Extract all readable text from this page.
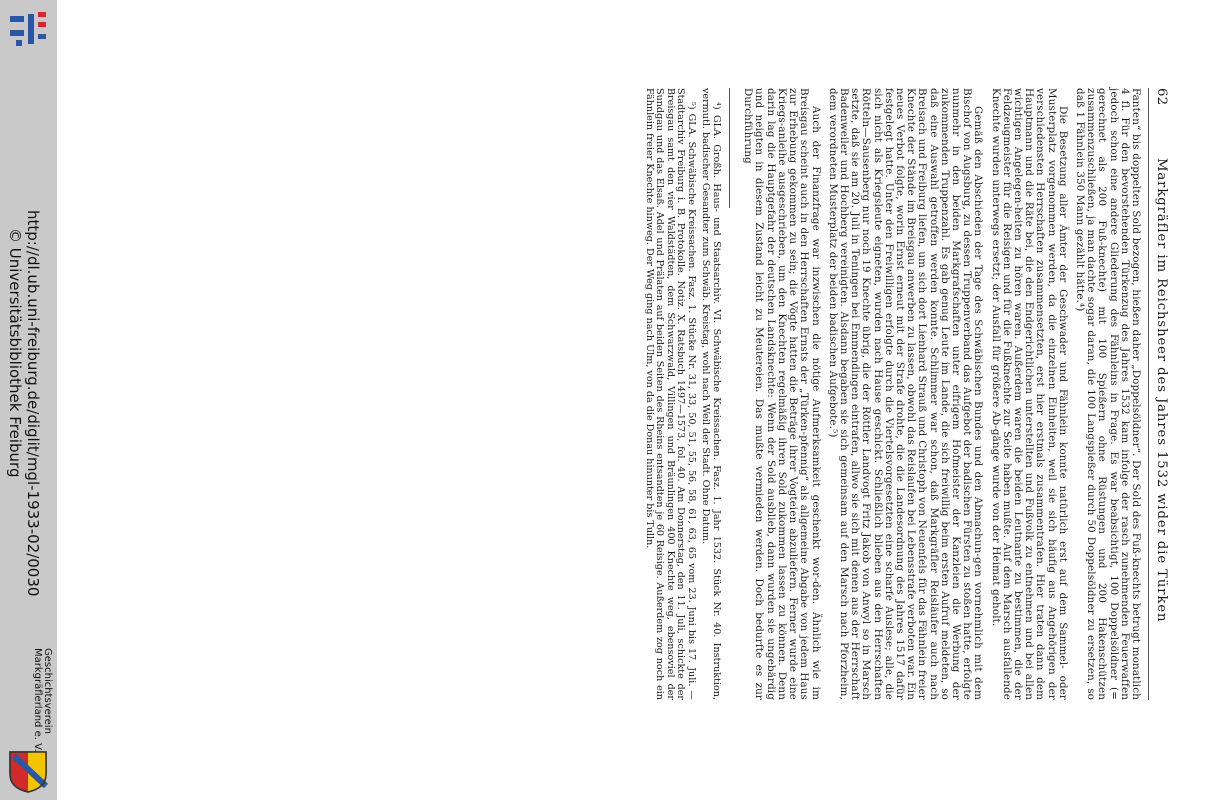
http://dl.ub.uni-freiburg.de/diglit/mgl-1933-02/0030
© Universitätsbibliothek Freiburg
Geschichtsverein
Markgräflerland e. V.
62
Markgräfler im Reichsheer des Jahres 1532 wider die Türken

Fanten“ bis doppelten Sold bezogen, hießen daher „Doppelsöldner“. Der Sold des Fuß-knechts betrugt monatlich 4 fl. Für den bevorstehenden Türkenzug des Jahres 1532 kam infolge der rasch zunehmenden Feuerwaffen jedoch schon eine andere Gliederung des Fähnleins in Frage. Es war beabsichtigt, 100 Doppelsöldner (= gerechnet als 200 Fuß-knechte) mit 100 Spießern ohne Rüstungen und 200 Hakenschützen zusammenzuschließen, ja man dachte sogar daran, die 100 Langspießer durch 50 Doppelsöldner zu ersetzen, so daß 1 Fähnlein 350 Mann gezählt hätte.⁴)

Die Besetzung aller Ämter der Geschwader und Fähnlein konnte natürlich erst auf dem Sammel- oder Musterplatz vorgenommen werden, da die einzelnen Einheiten, weil sie sich häufig aus Angehörigen der verschiedensten Herrschaften zusammensetzten, erst hier erstmals zusammentrafen. Hier traten dann dem Hauptmann und die Räte bei, die den Endgerichtlichen unterstellten und Fußvolk zu entnehmen und bei allen wichtigen Angelegen-heiten zu hören waren. Außerdem waren die beiden Leutnante zu bestimmen, die der Feldzeugmeister für die Reisigen und für die Fußknechte zur Seite haben mußte. Auf dem Marsch ausfallende Knechte wurden unterwegs ersetzt; der Ausfall für größere Ab-gänge wurde von der Heimat geholt.

Gemäß den Abschieden der Tage des Schwäbischen Bundes und den Abmachun-gen vornehmlich mit dem Bischof von Augsburg, zu dessen Truppenverband das Aufgebot der badischen Fürsten zu stoßen hatte, erfolgte nunmehr in den beiden Markgrafschaften unter eifrigem Hofmeister der Kanzleien die Werbung der zukommenden Truppenzahl. Es gab genug Leute im Lande, die sich freiwillig beim ersten Aufruf meldeten, so daß eine Auswahl getroffen werden konnte. Schlimmer war schon, daß Markgräfler Reisläufer auch nach Breisach und Freiburg liefen, um sich dort Lienhard Strauß und Christoph von Neuenfels für das Fähnlein freier Knechte der Stände im Breisgau anwerben zu lassen, obwohl das Reislaufen bei Lebensstrafe verboten war. Ein neues Verbot folgte, worin Ernst erneut mit der Strafe drohte, die die Landesordnung des Jahres 1517 dafür festgelegt hatte. Unter den Freiwilligen erfolgte durch die Viertelsvorgesetzten eine scharfe Auslese; alle, die sich nicht als Kriegsleute eigneten, wurden nach Hause geschickt. Schließlich blieben aus den Herrschaften Rötteln—Sausenberg nur noch 19 Knechte übrig, die der Röttler Landvogt Fritz Jakob von Anwyl so in Marsch setzte, daß sie am 20. Juli in Teningen bei Emmendingen eintrafen, allwo sie sich mit denen aus der Herrschaft Badenweiler und Hochberg vereinigten. Alsdann begaben sie sich gemeinsam auf den Marsch nach Pforzheim, dem verordneten Musterplatz der beiden badischen Aufgebote.⁵)

Auch der Finanzfrage war inzwischen die nötige Aufmerksamkeit geschenkt wor-den. Ähnlich wie im Breisgau scheint auch in den Herrschaften Ernsts der „Türken-pfennig“ als allgemeine Abgabe von jedem Haus zur Erhebung gekommen zu sein; die Vögte hatten die Beträge ihrer Vogteien abzuliefern. Ferner wurde eine Kriegs-anleihe ausgeschrieben, um den Knechten regelmäßig ihren Sold zukommen lassen zu können. Denn darin lag die Hauptgefahr der deutschen Landsknechte: Wenn der Sold ausblieb, dann wurden sie ungebärdig und neigten in diesem Zustand leicht zu Meutereien. Das mußte vermieden werden. Doch bedurfte es zur Durchführung

⁴) GLA. Großh. Haus- und Staatsarchiv. VI. Schwäbische Kreissachen. Fasz. 1. Jahr 1532. Stück Nr. 40. Instruktion, vermutl. badischer Gesandter zum Schwäb. Kreistag, wohl nach Weil der Stadt. Ohne Datum.

⁵) GLA. Schwäbische Kreissachen. Fasz. 1. Stücke Nr. 31, 33, 50, 51, 55, 56, 58, 61, 63, 65 vom 23. Juni bis 17. Juli. — Stadtarchiv Freiburg i. B. Protokolle. Notiz. X. Ratsbuch 1497—1573, fol. 40. Am Donnerstag, den 11. Juli, schickte der Breisgau samt den vier Waldstädten, dem Schwarzwald, Villingen und Bräunlingen 400 Knechte weg, ebensoviel der Sundgau und das Elsaß. Adel und Prälaten auf beiden Seiten des Rheins entsandten je 60 Reisige. Außerdem zog noch ein Fähnlein freier Knechte hinweg. Der Weg ging nach Ulm, von da die Donau hinunter bis Tulln.
